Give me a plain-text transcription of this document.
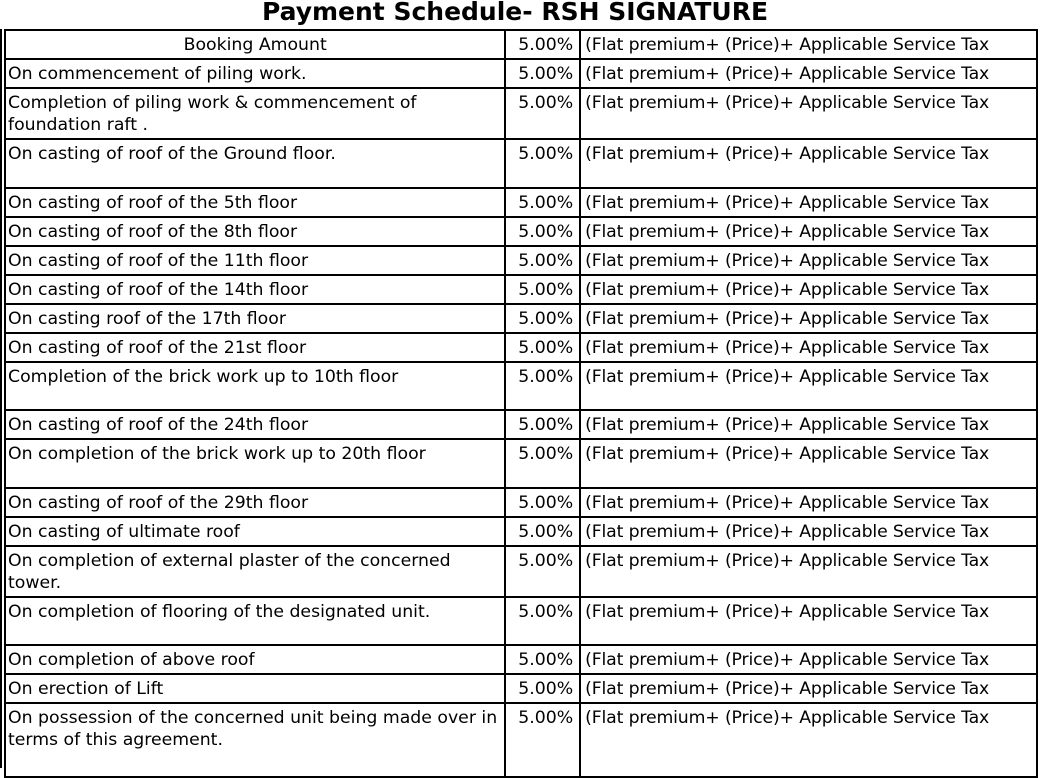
Payment Schedule- RSH SIGNATURE
Booking Amount	5.00%	(Flat premium+ (Price)+ Applicable Service Tax
On commencement of piling work.	5.00%	(Flat premium+ (Price)+ Applicable Service Tax
Completion of piling work & commencement of foundation raft .	5.00%	(Flat premium+ (Price)+ Applicable Service Tax
On casting of roof of the Ground floor.	5.00%	(Flat premium+ (Price)+ Applicable Service Tax
On casting of roof of the 5th floor	5.00%	(Flat premium+ (Price)+ Applicable Service Tax
On casting of roof of the 8th floor	5.00%	(Flat premium+ (Price)+ Applicable Service Tax
On casting of roof of the 11th floor	5.00%	(Flat premium+ (Price)+ Applicable Service Tax
On casting of roof of the 14th floor	5.00%	(Flat premium+ (Price)+ Applicable Service Tax
On casting roof of the 17th floor	5.00%	(Flat premium+ (Price)+ Applicable Service Tax
On casting of roof of the 21st floor	5.00%	(Flat premium+ (Price)+ Applicable Service Tax
Completion of the brick work up to 10th floor	5.00%	(Flat premium+ (Price)+ Applicable Service Tax
On casting of roof of the 24th floor	5.00%	(Flat premium+ (Price)+ Applicable Service Tax
On completion of the brick work up to 20th floor	5.00%	(Flat premium+ (Price)+ Applicable Service Tax
On casting of roof of the 29th floor	5.00%	(Flat premium+ (Price)+ Applicable Service Tax
On casting of ultimate roof	5.00%	(Flat premium+ (Price)+ Applicable Service Tax
On completion of external plaster of the concerned tower.	5.00%	(Flat premium+ (Price)+ Applicable Service Tax
On completion of flooring of the designated unit.	5.00%	(Flat premium+ (Price)+ Applicable Service Tax
On completion of above roof	5.00%	(Flat premium+ (Price)+ Applicable Service Tax
On erection of Lift	5.00%	(Flat premium+ (Price)+ Applicable Service Tax
On possession of the concerned unit being made over in terms of this agreement.	5.00%	(Flat premium+ (Price)+ Applicable Service Tax
